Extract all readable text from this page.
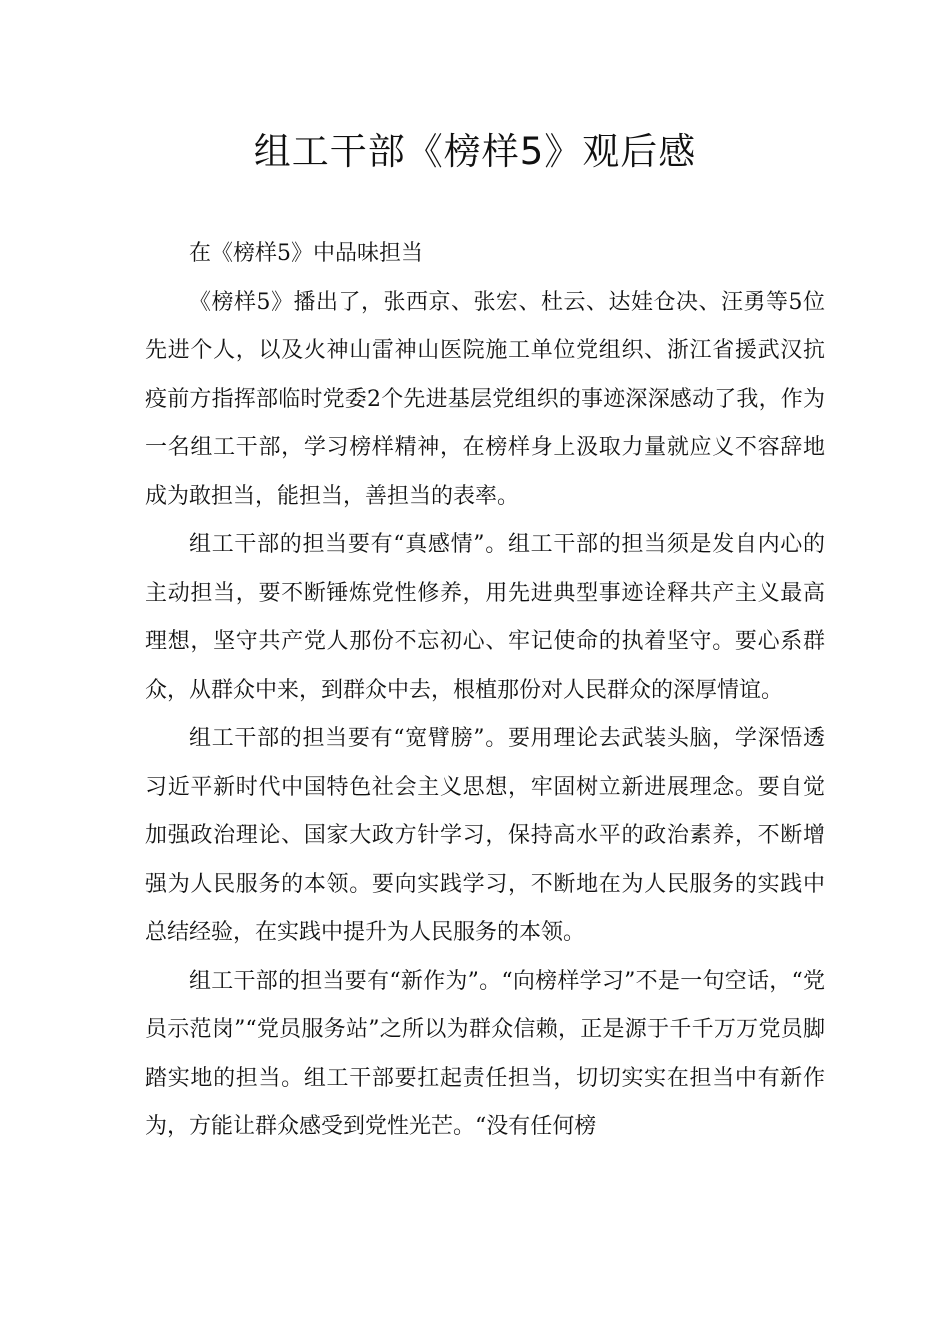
组工干部《榜样5》观后感

在《榜样5》中品味担当

《榜样5》播出了，张西京、张宏、杜云、达娃仓决、汪勇等5位先进个人，以及火神山雷神山医院施工单位党组织、浙江省援武汉抗疫前方指挥部临时党委2个先进基层党组织的事迹深深感动了我，作为一名组工干部，学习榜样精神，在榜样身上汲取力量就应义不容辞地成为敢担当，能担当，善担当的表率。

组工干部的担当要有“真感情”。组工干部的担当须是发自内心的主动担当，要不断锤炼党性修养，用先进典型事迹诠释共产主义最高理想，坚守共产党人那份不忘初心、牢记使命的执着坚守。要心系群众，从群众中来，到群众中去，根植那份对人民群众的深厚情谊。

组工干部的担当要有“宽臂膀”。要用理论去武装头脑，学深悟透习近平新时代中国特色社会主义思想，牢固树立新进展理念。要自觉加强政治理论、国家大政方针学习，保持高水平的政治素养，不断增强为人民服务的本领。要向实践学习，不断地在为人民服务的实践中总结经验，在实践中提升为人民服务的本领。

组工干部的担当要有“新作为”。“向榜样学习”不是一句空话，“党员示范岗”“党员服务站”之所以为群众信赖，正是源于千千万万党员脚踏实地的担当。组工干部要扛起责任担当，切切实实在担当中有新作为，方能让群众感受到党性光芒。“没有任何榜
